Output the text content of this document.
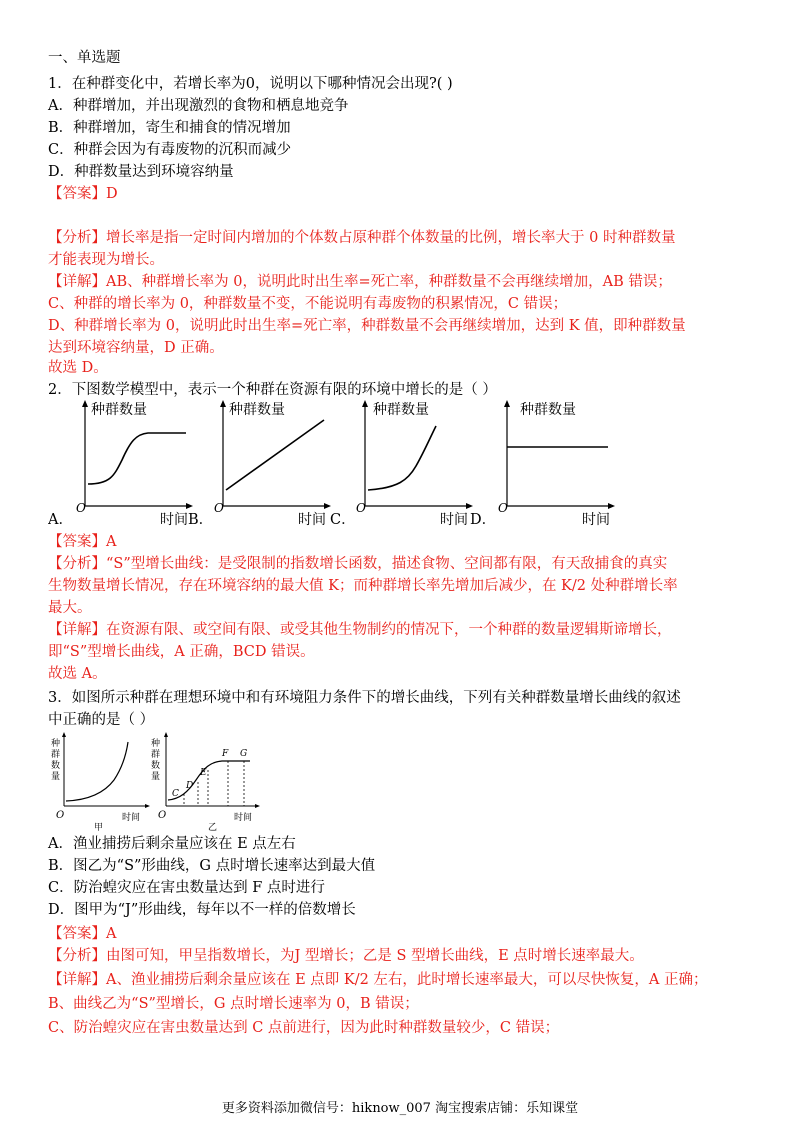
一、单选题
1．在种群变化中，若增长率为0，说明以下哪种情况会出现?( )
A．种群增加，并出现激烈的食物和栖息地竞争
B．种群增加，寄生和捕食的情况增加
C．种群会因为有毒废物的沉积而减少
D．种群数量达到环境容纳量
【答案】D
【分析】增长率是指一定时间内增加的个体数占原种群个体数量的比例，增长率大于 0 时种群数量
才能表现为增长。
【详解】AB、种群增长率为 0，说明此时出生率=死亡率，种群数量不会再继续增加，AB 错误；
C、种群的增长率为 0，种群数量不变，不能说明有毒废物的积累情况，C 错误；
D、种群增长率为 0，说明此时出生率=死亡率，种群数量不会再继续增加，达到 K 值，即种群数量
达到环境容纳量，D 正确。
故选 D。
2．下图数学模型中，表示一个种群在资源有限的环境中增长的是（ ）
种群数量
O
时间
A．
种群数量
O
时间
B．
种群数量
O
时间
C．
种群数量
O
时间
D．
【答案】A
【分析】“S”型增长曲线：是受限制的指数增长函数，描述食物、空间都有限，有天敌捕食的真实
生物数量增长情况，存在环境容纳的最大值 K；而种群增长率先增加后减少，在 K/2 处种群增长率
最大。
【详解】在资源有限、或空间有限、或受其他生物制约的情况下，一个种群的数量逻辑斯谛增长，
即“S”型增长曲线，A 正确，BCD 错误。
故选 A。
3．如图所示种群在理想环境中和有环境阻力条件下的增长曲线，下列有关种群数量增长曲线的叙述
中正确的是（ ）
种
群
数
量
O	时间
甲
种
群
数
量
C
D
E
F G
O	时间
乙
A．渔业捕捞后剩余量应该在 E 点左右
B．图乙为“S”形曲线，G 点时增长速率达到最大值
C．防治蝗灾应在害虫数量达到 F 点时进行
D．图甲为“J”形曲线，每年以不一样的倍数增长
【答案】A
【分析】由图可知，甲呈指数增长，为J 型增长；乙是 S 型增长曲线，E 点时增长速率最大。
【详解】A、渔业捕捞后剩余量应该在 E 点即 K/2 左右，此时增长速率最大，可以尽快恢复，A 正确；
B、曲线乙为“S”型增长，G 点时增长速率为 0，B 错误；
C、防治蝗灾应在害虫数量达到 C 点前进行，因为此时种群数量较少，C 错误；
更多资料添加微信号：hiknow_007 淘宝搜索店铺：乐知课堂
